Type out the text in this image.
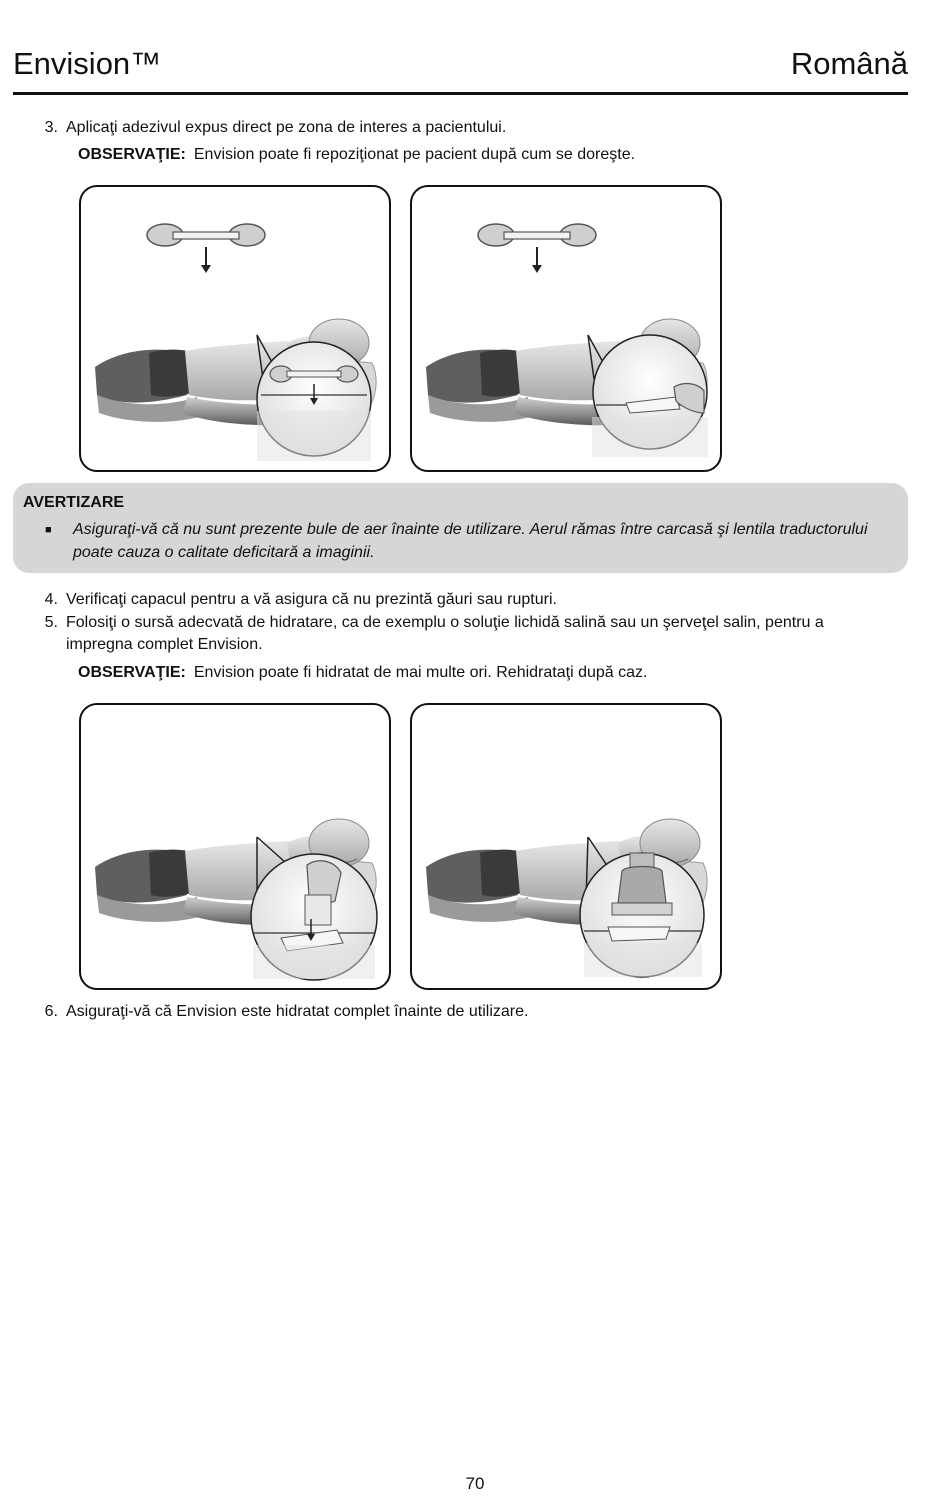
Envision™	Română
3. Aplicaţi adezivul expus direct pe zona de interes a pacientului.
OBSERVAŢIE: Envision poate fi repoziţionat pe pacient după cum se doreşte.
AVERTIZARE
■ Asiguraţi-vă că nu sunt prezente bule de aer înainte de utilizare. Aerul rămas între carcasă şi lentila traductorului poate cauza o calitate deficitară a imaginii.
4. Verificaţi capacul pentru a vă asigura că nu prezintă găuri sau rupturi.
5. Folosiţi o sursă adecvată de hidratare, ca de exemplu o soluţie lichidă salină sau un şerveţel salin, pentru a
impregna complet Envision.
OBSERVAŢIE: Envision poate fi hidratat de mai multe ori. Rehidrataţi după caz.
6. Asiguraţi-vă că Envision este hidratat complet înainte de utilizare.
70
